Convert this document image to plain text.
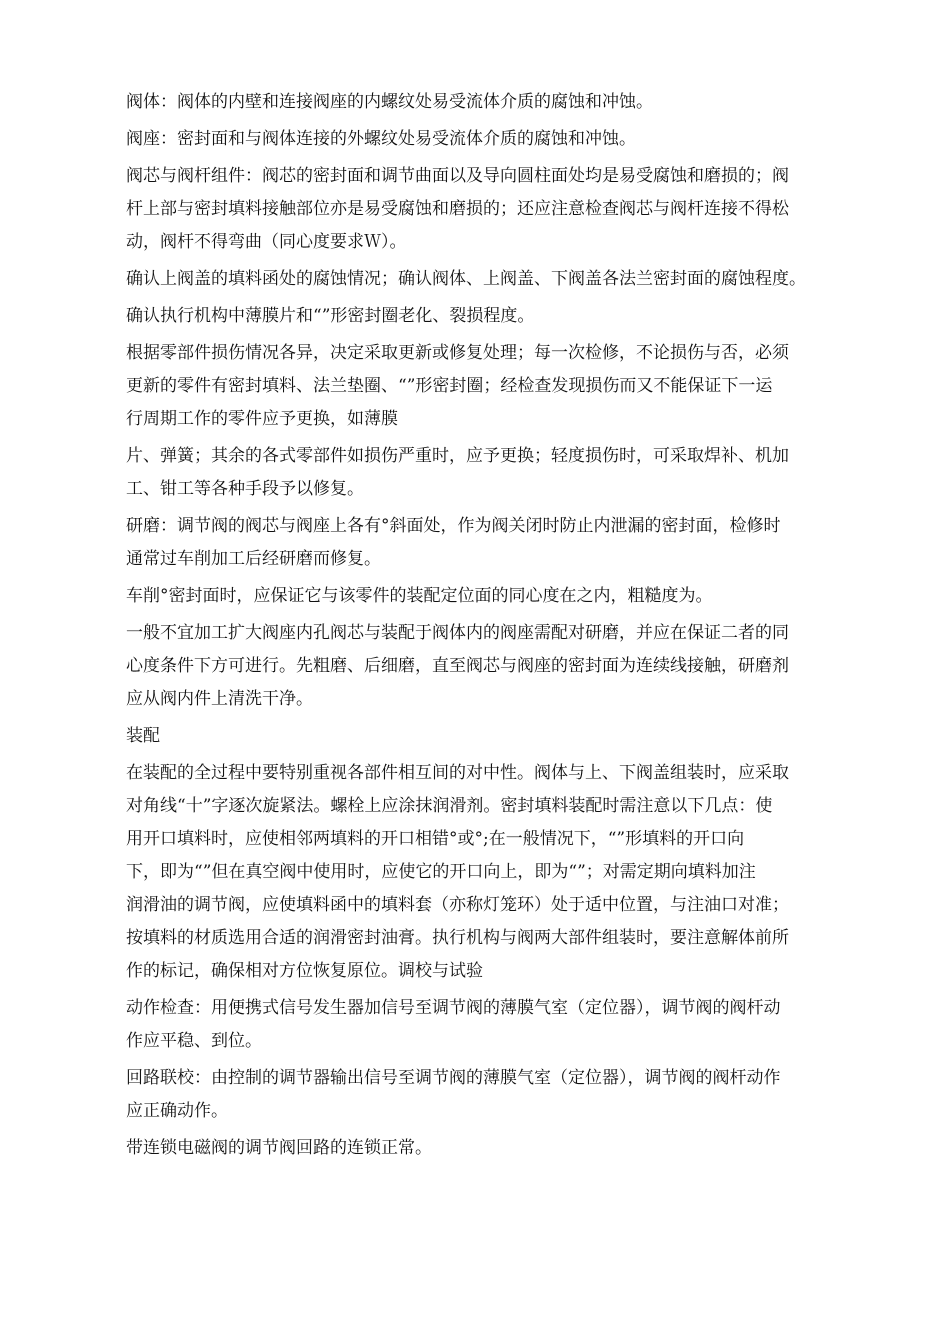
阀体：阀体的内壁和连接阀座的内螺纹处易受流体介质的腐蚀和冲蚀。
阀座：密封面和与阀体连接的外螺纹处易受流体介质的腐蚀和冲蚀。
阀芯与阀杆组件：阀芯的密封面和调节曲面以及导向圆柱面处均是易受腐蚀和磨损的；阀
杆上部与密封填料接触部位亦是易受腐蚀和磨损的；还应注意检查阀芯与阀杆连接不得松
动，阀杆不得弯曲（同心度要求Ｗ）。
确认上阀盖的填料函处的腐蚀情况；确认阀体、上阀盖、下阀盖各法兰密封面的腐蚀程度。
确认执行机构中薄膜片和“”形密封圈老化、裂损程度。
根据零部件损伤情况各异，决定采取更新或修复处理；每一次检修，不论损伤与否，必须
更新的零件有密封填料、法兰垫圈、“”形密封圈；经检查发现损伤而又不能保证下一运
行周期工作的零件应予更换，如薄膜
片、弹簧；其余的各式零部件如损伤严重时，应予更换；轻度损伤时，可采取焊补、机加
工、钳工等各种手段予以修复。
研磨：调节阀的阀芯与阀座上各有°斜面处，作为阀关闭时防止内泄漏的密封面，检修时
通常过车削加工后经研磨而修复。
车削°密封面时，应保证它与该零件的装配定位面的同心度在之内，粗糙度为。
一般不宜加工扩大阀座内孔阀芯与装配于阀体内的阀座需配对研磨，并应在保证二者的同
心度条件下方可进行。先粗磨、后细磨，直至阀芯与阀座的密封面为连续线接触，研磨剂
应从阀内件上清洗干净。
装配
在装配的全过程中要特别重视各部件相互间的对中性。阀体与上、下阀盖组装时，应采取
对角线“十”字逐次旋紧法。螺栓上应涂抹润滑剂。密封填料装配时需注意以下几点：使
用开口填料时，应使相邻两填料的开口相错°或°;在一般情况下，“”形填料的开口向
下，即为“”但在真空阀中使用时，应使它的开口向上，即为“”；对需定期向填料加注
润滑油的调节阀，应使填料函中的填料套（亦称灯笼环）处于适中位置，与注油口对准；
按填料的材质选用合适的润滑密封油膏。执行机构与阀两大部件组装时，要注意解体前所
作的标记，确保相对方位恢复原位。调校与试验
动作检查：用便携式信号发生器加信号至调节阀的薄膜气室（定位器），调节阀的阀杆动
作应平稳、到位。
回路联校：由控制的调节器输出信号至调节阀的薄膜气室（定位器），调节阀的阀杆动作
应正确动作。
带连锁电磁阀的调节阀回路的连锁正常。
